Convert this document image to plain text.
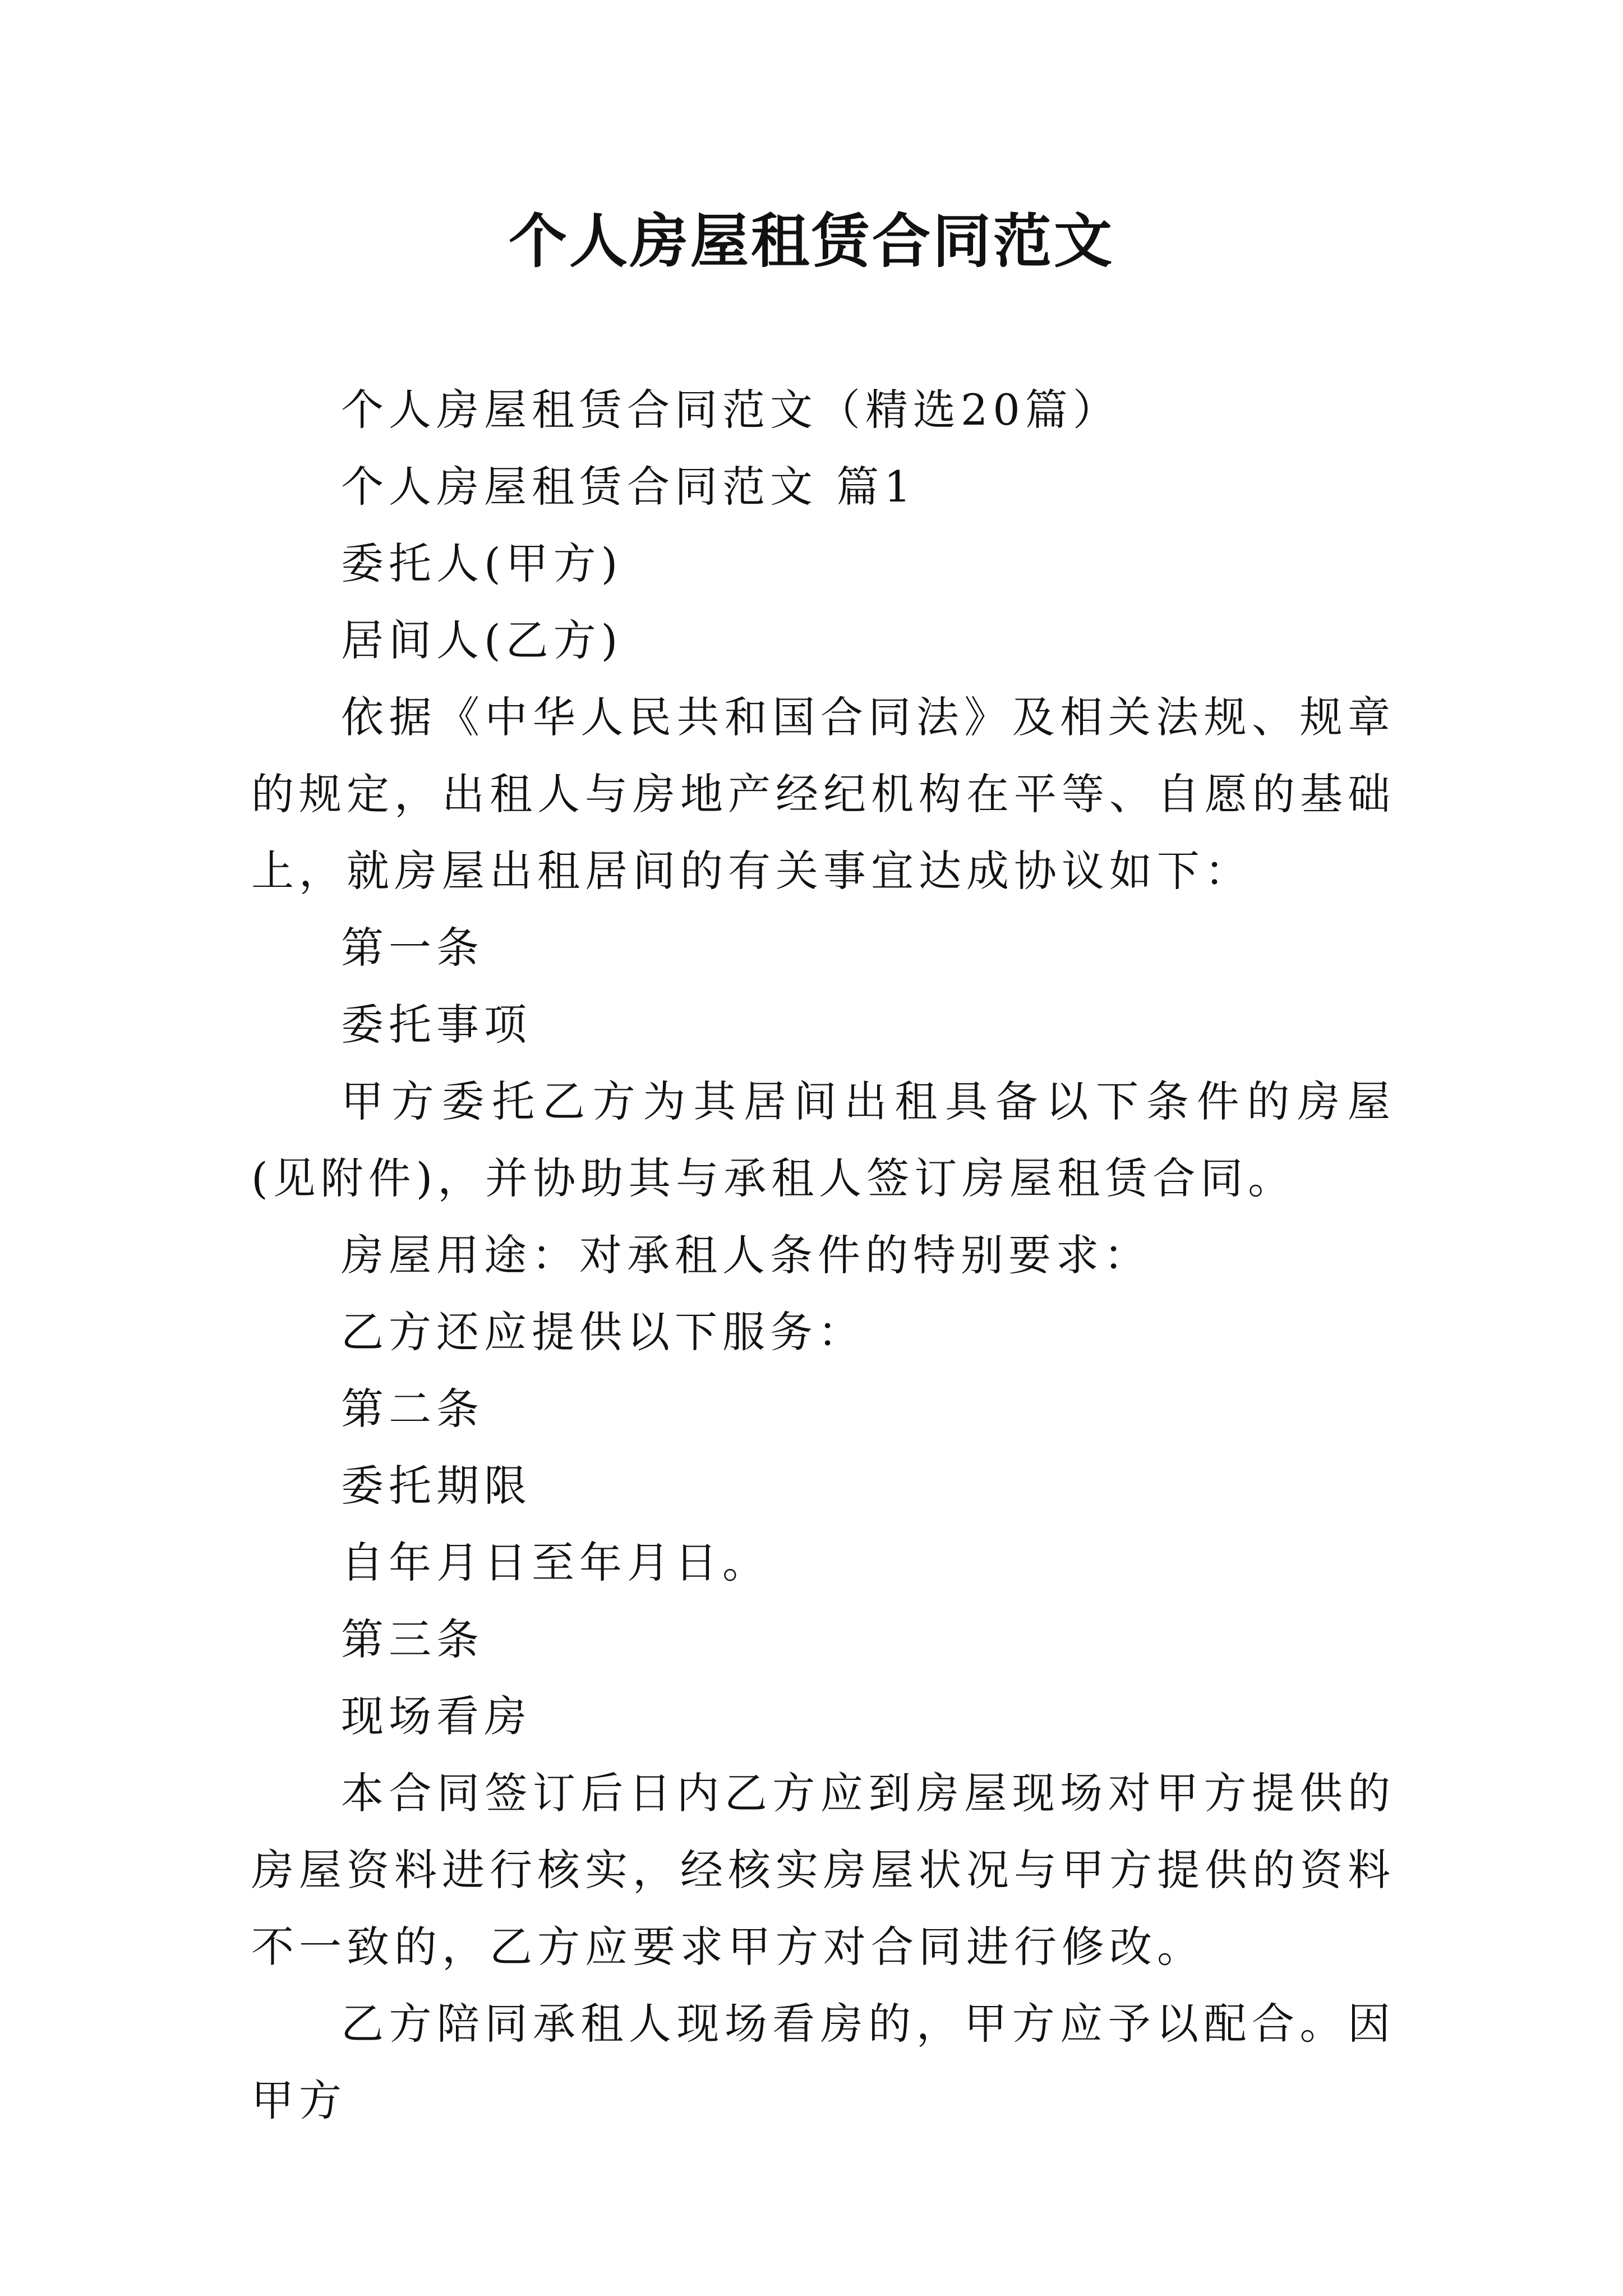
个人房屋租赁合同范文

个人房屋租赁合同范文（精选20篇）

个人房屋租赁合同范文 篇1

委托人(甲方)

居间人(乙方)

依据《中华人民共和国合同法》及相关法规、规章的规定，出租人与房地产经纪机构在平等、自愿的基础上，就房屋出租居间的有关事宜达成协议如下：

第一条

委托事项

甲方委托乙方为其居间出租具备以下条件的房屋(见附件)，并协助其与承租人签订房屋租赁合同。

房屋用途：对承租人条件的特别要求：

乙方还应提供以下服务：

第二条

委托期限

自年月日至年月日。

第三条

现场看房

本合同签订后日内乙方应到房屋现场对甲方提供的房屋资料进行核实，经核实房屋状况与甲方提供的资料不一致的，乙方应要求甲方对合同进行修改。

乙方陪同承租人现场看房的，甲方应予以配合。因甲方
